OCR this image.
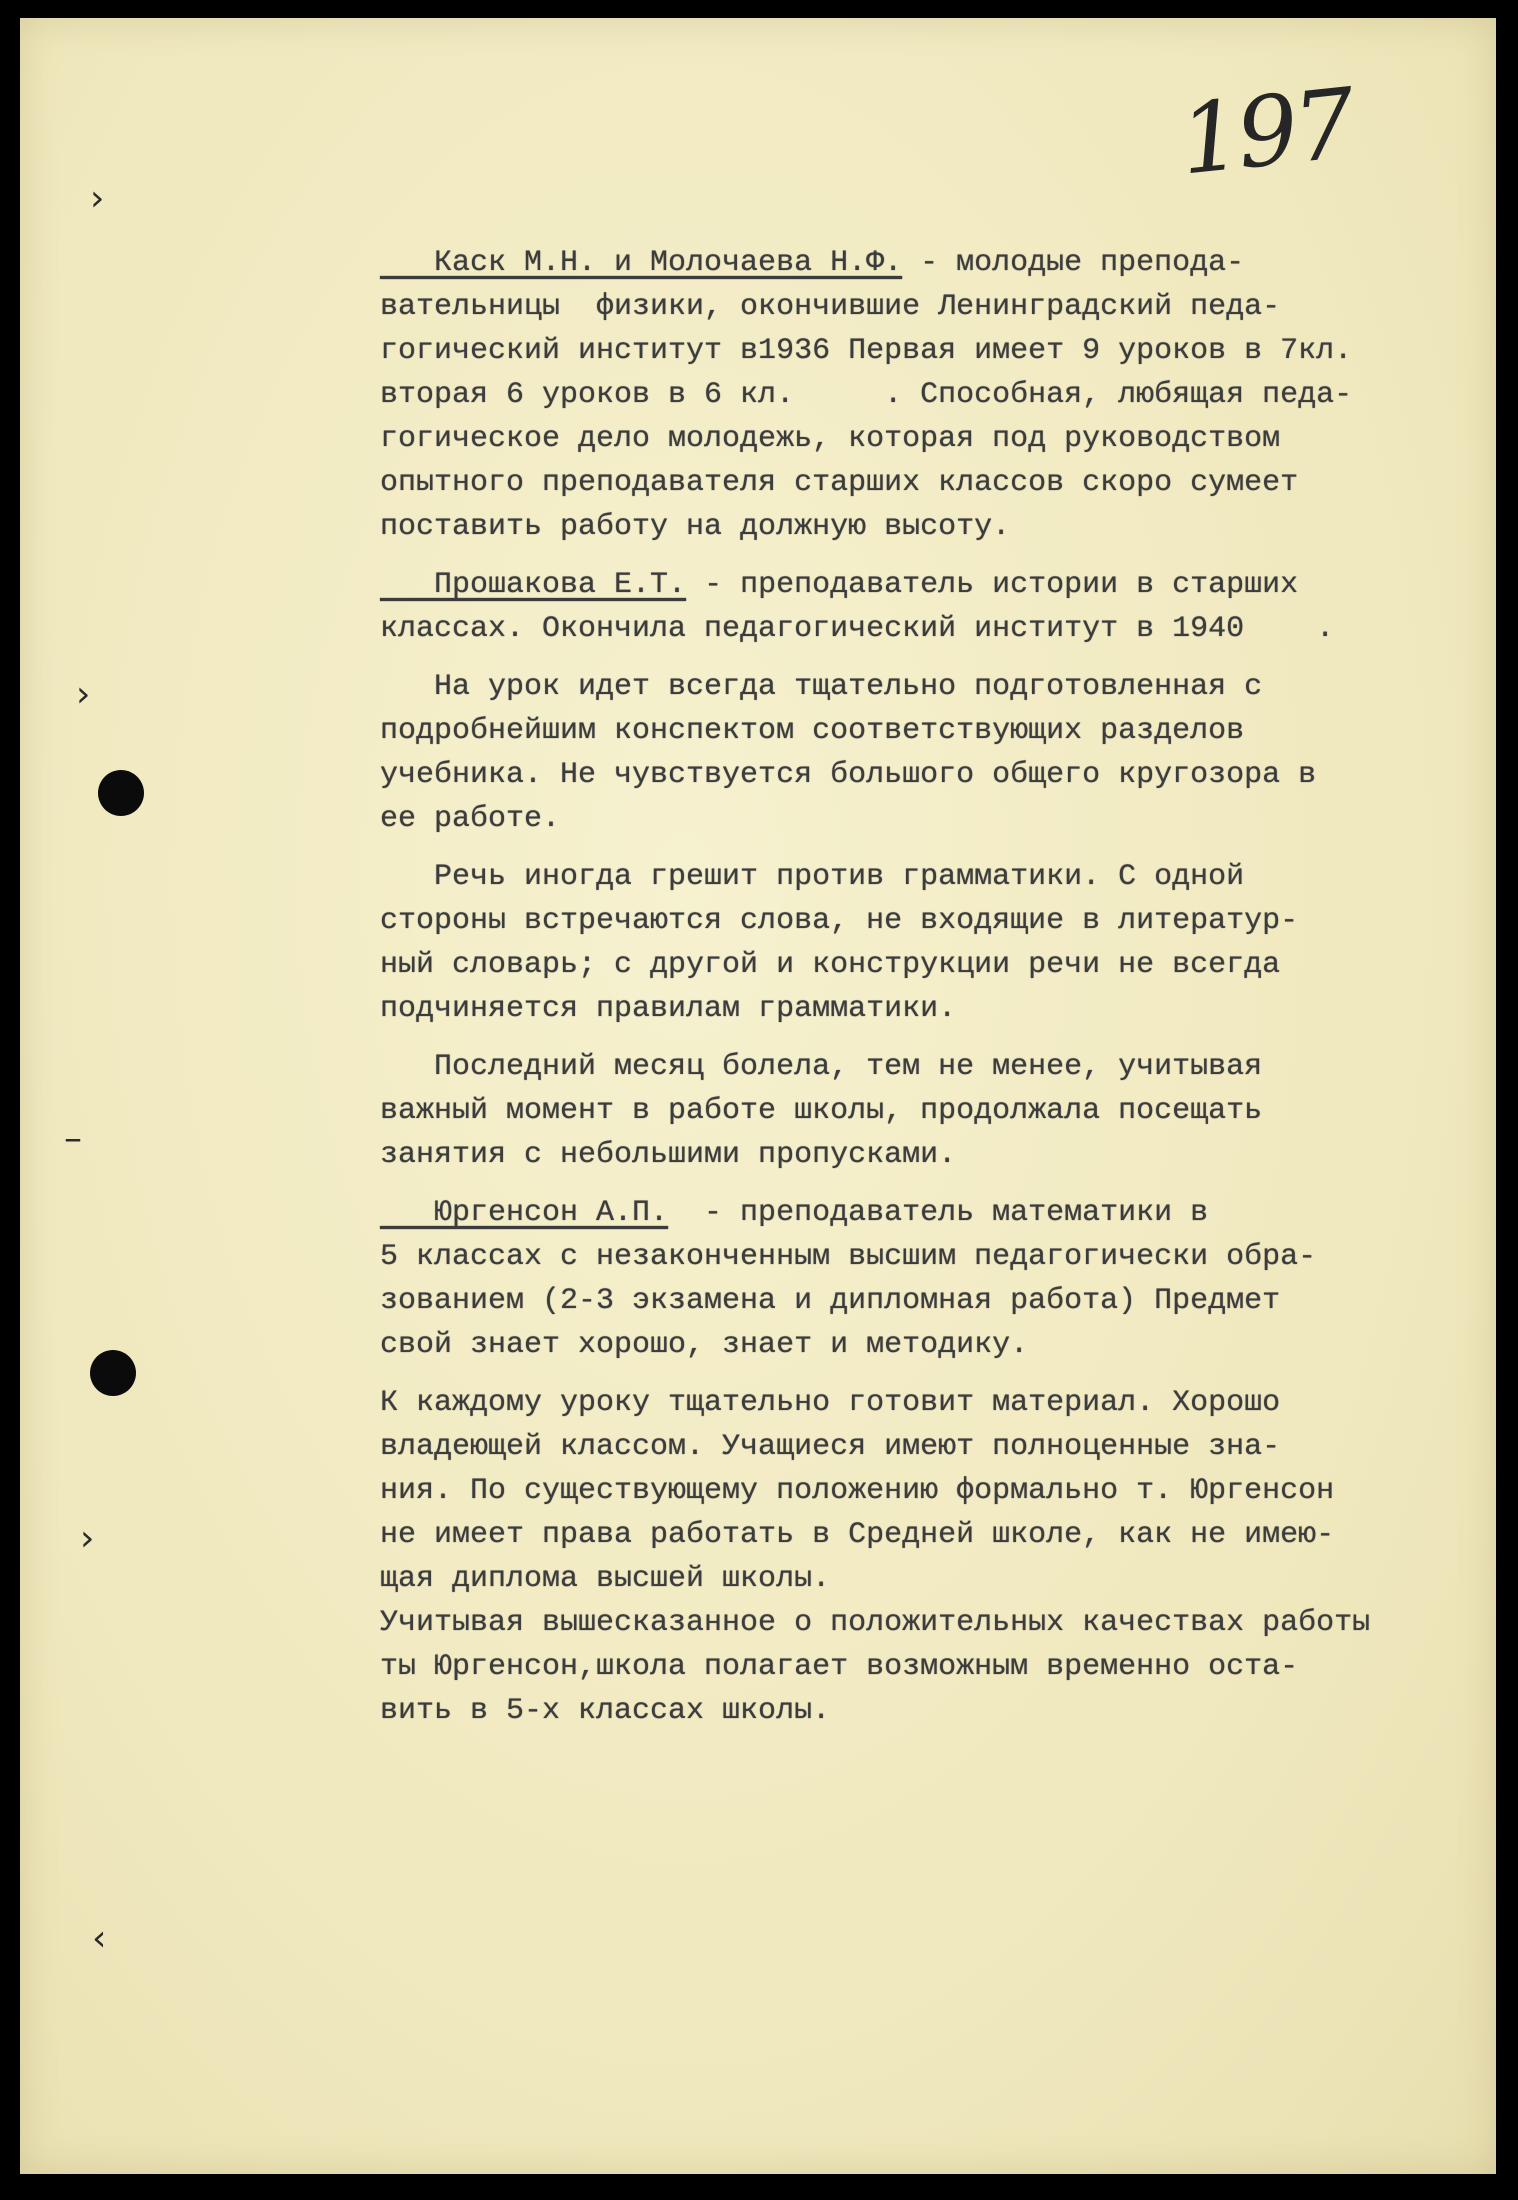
197
›
›
–
›
‹
Каск М.Н. и Молочаева Н.Ф. - молодые препода-
вательницы  физики, окончившие Ленинградский педа-
гогический институт в1936 Первая имеет 9 уроков в 7кл.
вторая 6 уроков в 6 кл.     . Способная, любящая педа-
гогическое дело молодежь, которая под руководством
опытного преподавателя старших классов скоро сумеет
поставить работу на должную высоту.
Прошакова Е.Т. - преподаватель истории в старших
классах. Окончила педагогический институт в 1940    .
На урок идет всегда тщательно подготовленная с
подробнейшим конспектом соответствующих разделов
учебника. Не чувствуется большого общего кругозора в
ее работе.
Речь иногда грешит против грамматики. С одной
стороны встречаются слова, не входящие в литератур-
ный словарь; с другой и конструкции речи не всегда
подчиняется правилам грамматики.
Последний месяц болела, тем не менее, учитывая
важный момент в работе школы, продолжала посещать
занятия с небольшими пропусками.
Юргенсон А.П.  - преподаватель математики в
5 классах с незаконченным высшим педагогически обра-
зованием (2-3 экзамена и дипломная работа) Предмет
свой знает хорошо, знает и методику.
К каждому уроку тщательно готовит материал. Хорошо
владеющей классом. Учащиеся имеют полноценные зна-
ния. По существующему положению формально т. Юргенсон
не имеет права работать в Средней школе, как не имею-
щая диплома высшей школы.
Учитывая вышесказанное о положительных качествах работы
ты Юргенсон,школа полагает возможным временно оста-
вить в 5-х классах школы.
